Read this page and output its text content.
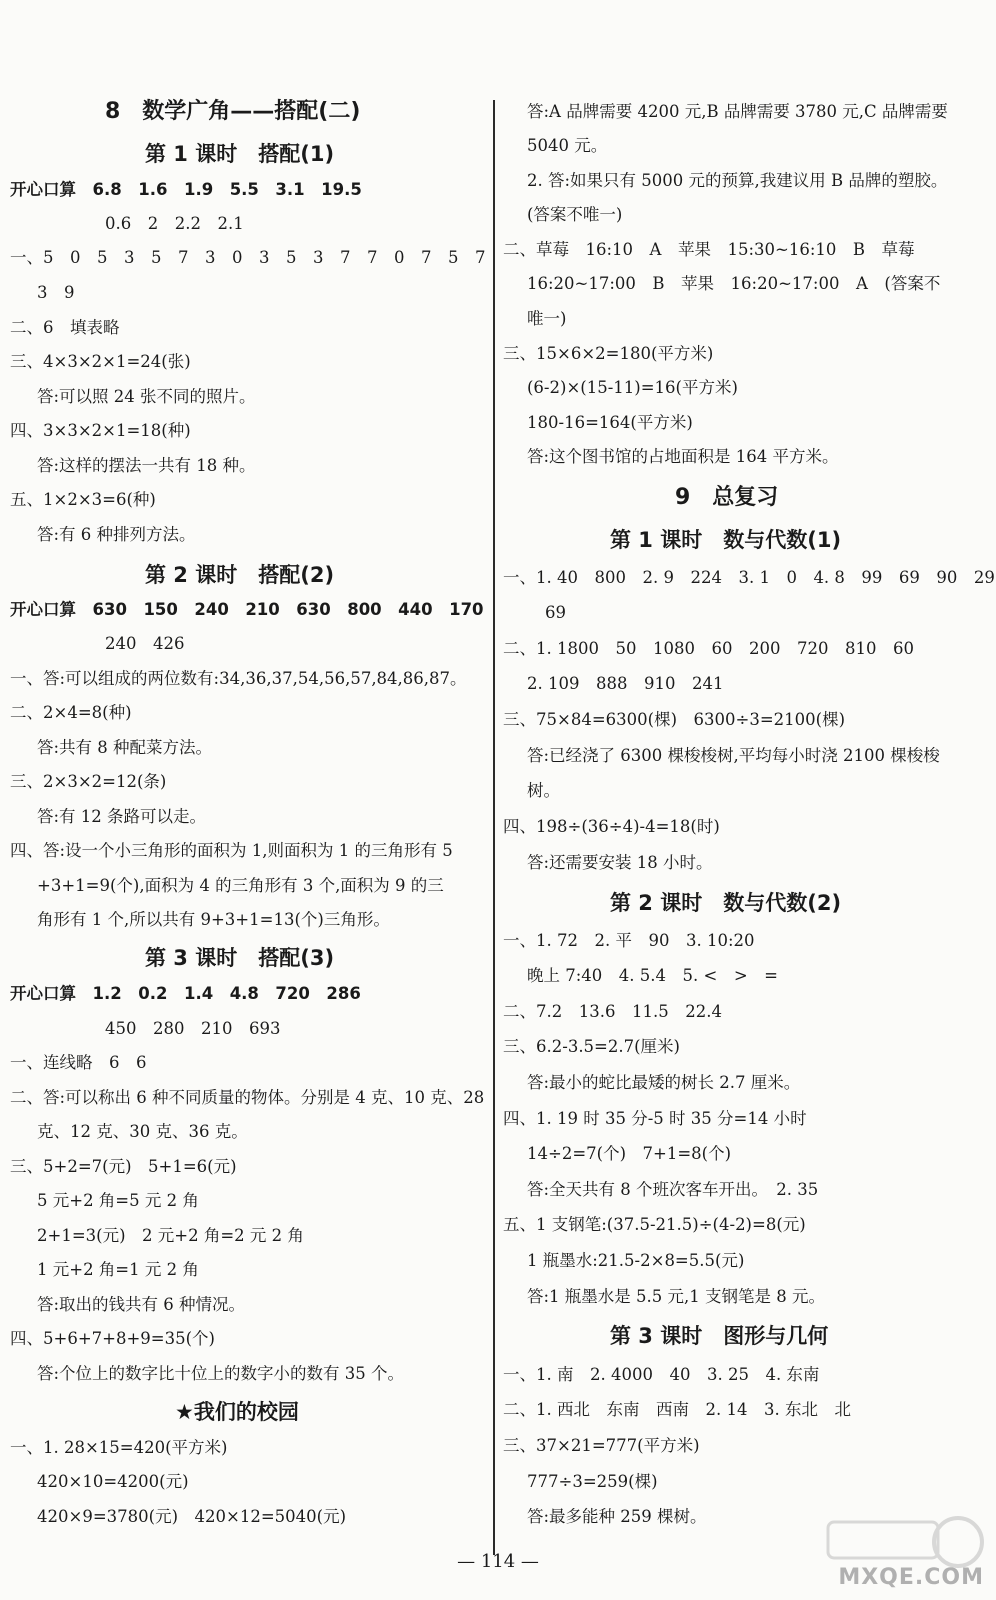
8　数学广角——搭配(二)
第 1 课时　搭配(1)
开心口算　6.8　1.6　1.9　5.5　3.1　19.5
0.6　2　2.2　2.1
一、5　0　5　3　5　7　3　0　3　5　3　7　7　0　7　5　7
3　9
二、6　填表略
三、4×3×2×1=24(张)
答:可以照 24 张不同的照片。
四、3×3×2×1=18(种)
答:这样的摆法一共有 18 种。
五、1×2×3=6(种)
答:有 6 种排列方法。
第 2 课时　搭配(2)
开心口算　630　150　240　210　630　800　440　170
240　426
一、答:可以组成的两位数有:34,36,37,54,56,57,84,86,87。
二、2×4=8(种)
答:共有 8 种配菜方法。
三、2×3×2=12(条)
答:有 12 条路可以走。
四、答:设一个小三角形的面积为 1,则面积为 1 的三角形有 5
+3+1=9(个),面积为 4 的三角形有 3 个,面积为 9 的三
角形有 1 个,所以共有 9+3+1=13(个)三角形。
第 3 课时　搭配(3)
开心口算　1.2　0.2　1.4　4.8　720　286
450　280　210　693
一、连线略　6　6
二、答:可以称出 6 种不同质量的物体。分别是 4 克、10 克、28
克、12 克、30 克、36 克。
三、5+2=7(元)　5+1=6(元)
5 元+2 角=5 元 2 角
2+1=3(元)　2 元+2 角=2 元 2 角
1 元+2 角=1 元 2 角
答:取出的钱共有 6 种情况。
四、5+6+7+8+9=35(个)
答:个位上的数字比十位上的数字小的数有 35 个。
★我们的校园
一、1. 28×15=420(平方米)
420×10=4200(元)
420×9=3780(元)　420×12=5040(元)
答:A 品牌需要 4200 元,B 品牌需要 3780 元,C 品牌需要
5040 元。
2. 答:如果只有 5000 元的预算,我建议用 B 品牌的塑胶。
(答案不唯一)
二、草莓　16:10　A　苹果　15:30~16:10　B　草莓
16:20~17:00　B　苹果　16:20~17:00　A　(答案不
唯一)
三、15×6×2=180(平方米)
(6-2)×(15-11)=16(平方米)
180-16=164(平方米)
答:这个图书馆的占地面积是 164 平方米。
9　总复习
第 1 课时　数与代数(1)
一、1. 40　800　2. 9　224　3. 1　0　4. 8　99　69　90　29
69
二、1. 1800　50　1080　60　200　720　810　60
2. 109　888　910　241
三、75×84=6300(棵)　6300÷3=2100(棵)
答:已经浇了 6300 棵梭梭树,平均每小时浇 2100 棵梭梭
树。
四、198÷(36÷4)-4=18(时)
答:还需要安装 18 小时。
第 2 课时　数与代数(2)
一、1. 72　2. 平　90　3. 10:20
晚上 7:40　4. 5.4　5. <　>　=
二、7.2　13.6　11.5　22.4
三、6.2-3.5=2.7(厘米)
答:最小的蛇比最矮的树长 2.7 厘米。
四、1. 19 时 35 分-5 时 35 分=14 小时
14÷2=7(个)　7+1=8(个)
答:全天共有 8 个班次客车开出。　2. 35
五、1 支钢笔:(37.5-21.5)÷(4-2)=8(元)
1 瓶墨水:21.5-2×8=5.5(元)
答:1 瓶墨水是 5.5 元,1 支钢笔是 8 元。
第 3 课时　图形与几何
一、1. 南　2. 4000　40　3. 25　4. 东南
二、1. 西北　东南　西南　2. 14　3. 东北　北
三、37×21=777(平方米)
777÷3=259(棵)
答:最多能种 259 棵树。
— 114 —
MXQE.COM
